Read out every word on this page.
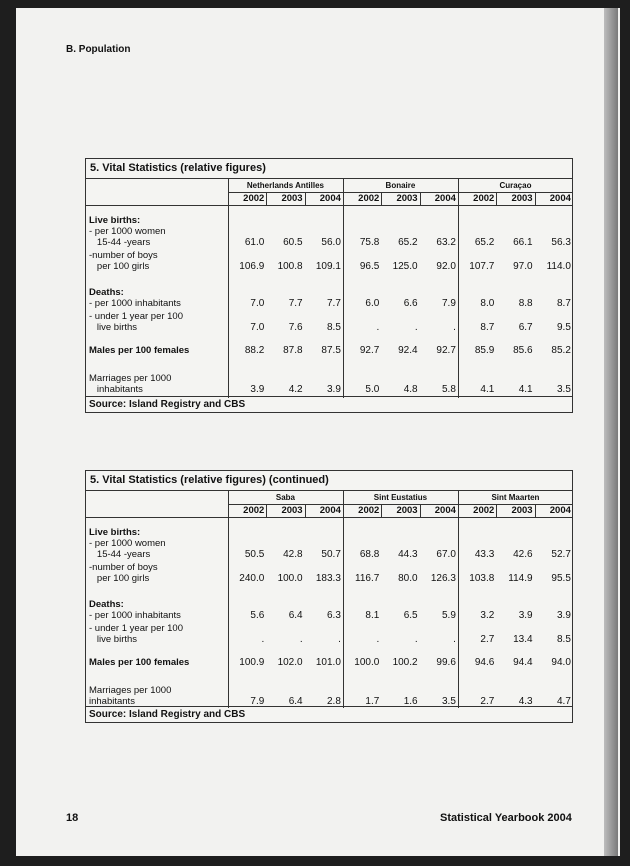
B. Population
5. Vital Statistics (relative figures)
Netherlands Antilles
2002	2003	2004
Bonaire
2002	2003	2004
Curaçao
2002	2003	2004
Live births:
- per 1000 women
15-44 -years	61.0	60.5	56.0	75.8	65.2	63.2	65.2	66.1	56.3
-number of boys
per 100 girls	106.9	100.8	109.1	96.5	125.0	92.0	107.7	97.0	114.0
Deaths:
- per 1000 inhabitants	7.0	7.7	7.7	6.0	6.6	7.9	8.0	8.8	8.7
- under 1 year per 100
live births	7.0	7.6	8.5	.	.	.	8.7	6.7	9.5
Males per 100 females	88.2	87.8	87.5	92.7	92.4	92.7	85.9	85.6	85.2
Marriages per 1000
inhabitants	3.9	4.2	3.9	5.0	4.8	5.8	4.1	4.1	3.5
Source: Island Registry and CBS
5. Vital Statistics (relative figures) (continued)
Saba
2002	2003	2004
Sint Eustatius
2002	2003	2004
Sint Maarten
2002	2003	2004
Live births:
- per 1000 women
15-44 -years	50.5	42.8	50.7	68.8	44.3	67.0	43.3	42.6	52.7
-number of boys
per 100 girls	240.0	100.0	183.3	116.7	80.0	126.3	103.8	114.9	95.5
Deaths:
- per 1000 inhabitants	5.6	6.4	6.3	8.1	6.5	5.9	3.2	3.9	3.9
- under 1 year per 100
live births	.	.	.	.	.	.	2.7	13.4	8.5
Males per 100 females	100.9	102.0	101.0	100.0	100.2	99.6	94.6	94.4	94.0
Marriages per 1000
inhabitants	7.9	6.4	2.8	1.7	1.6	3.5	2.7	4.3	4.7
Source: Island Registry and CBS
18	Statistical Yearbook 2004
